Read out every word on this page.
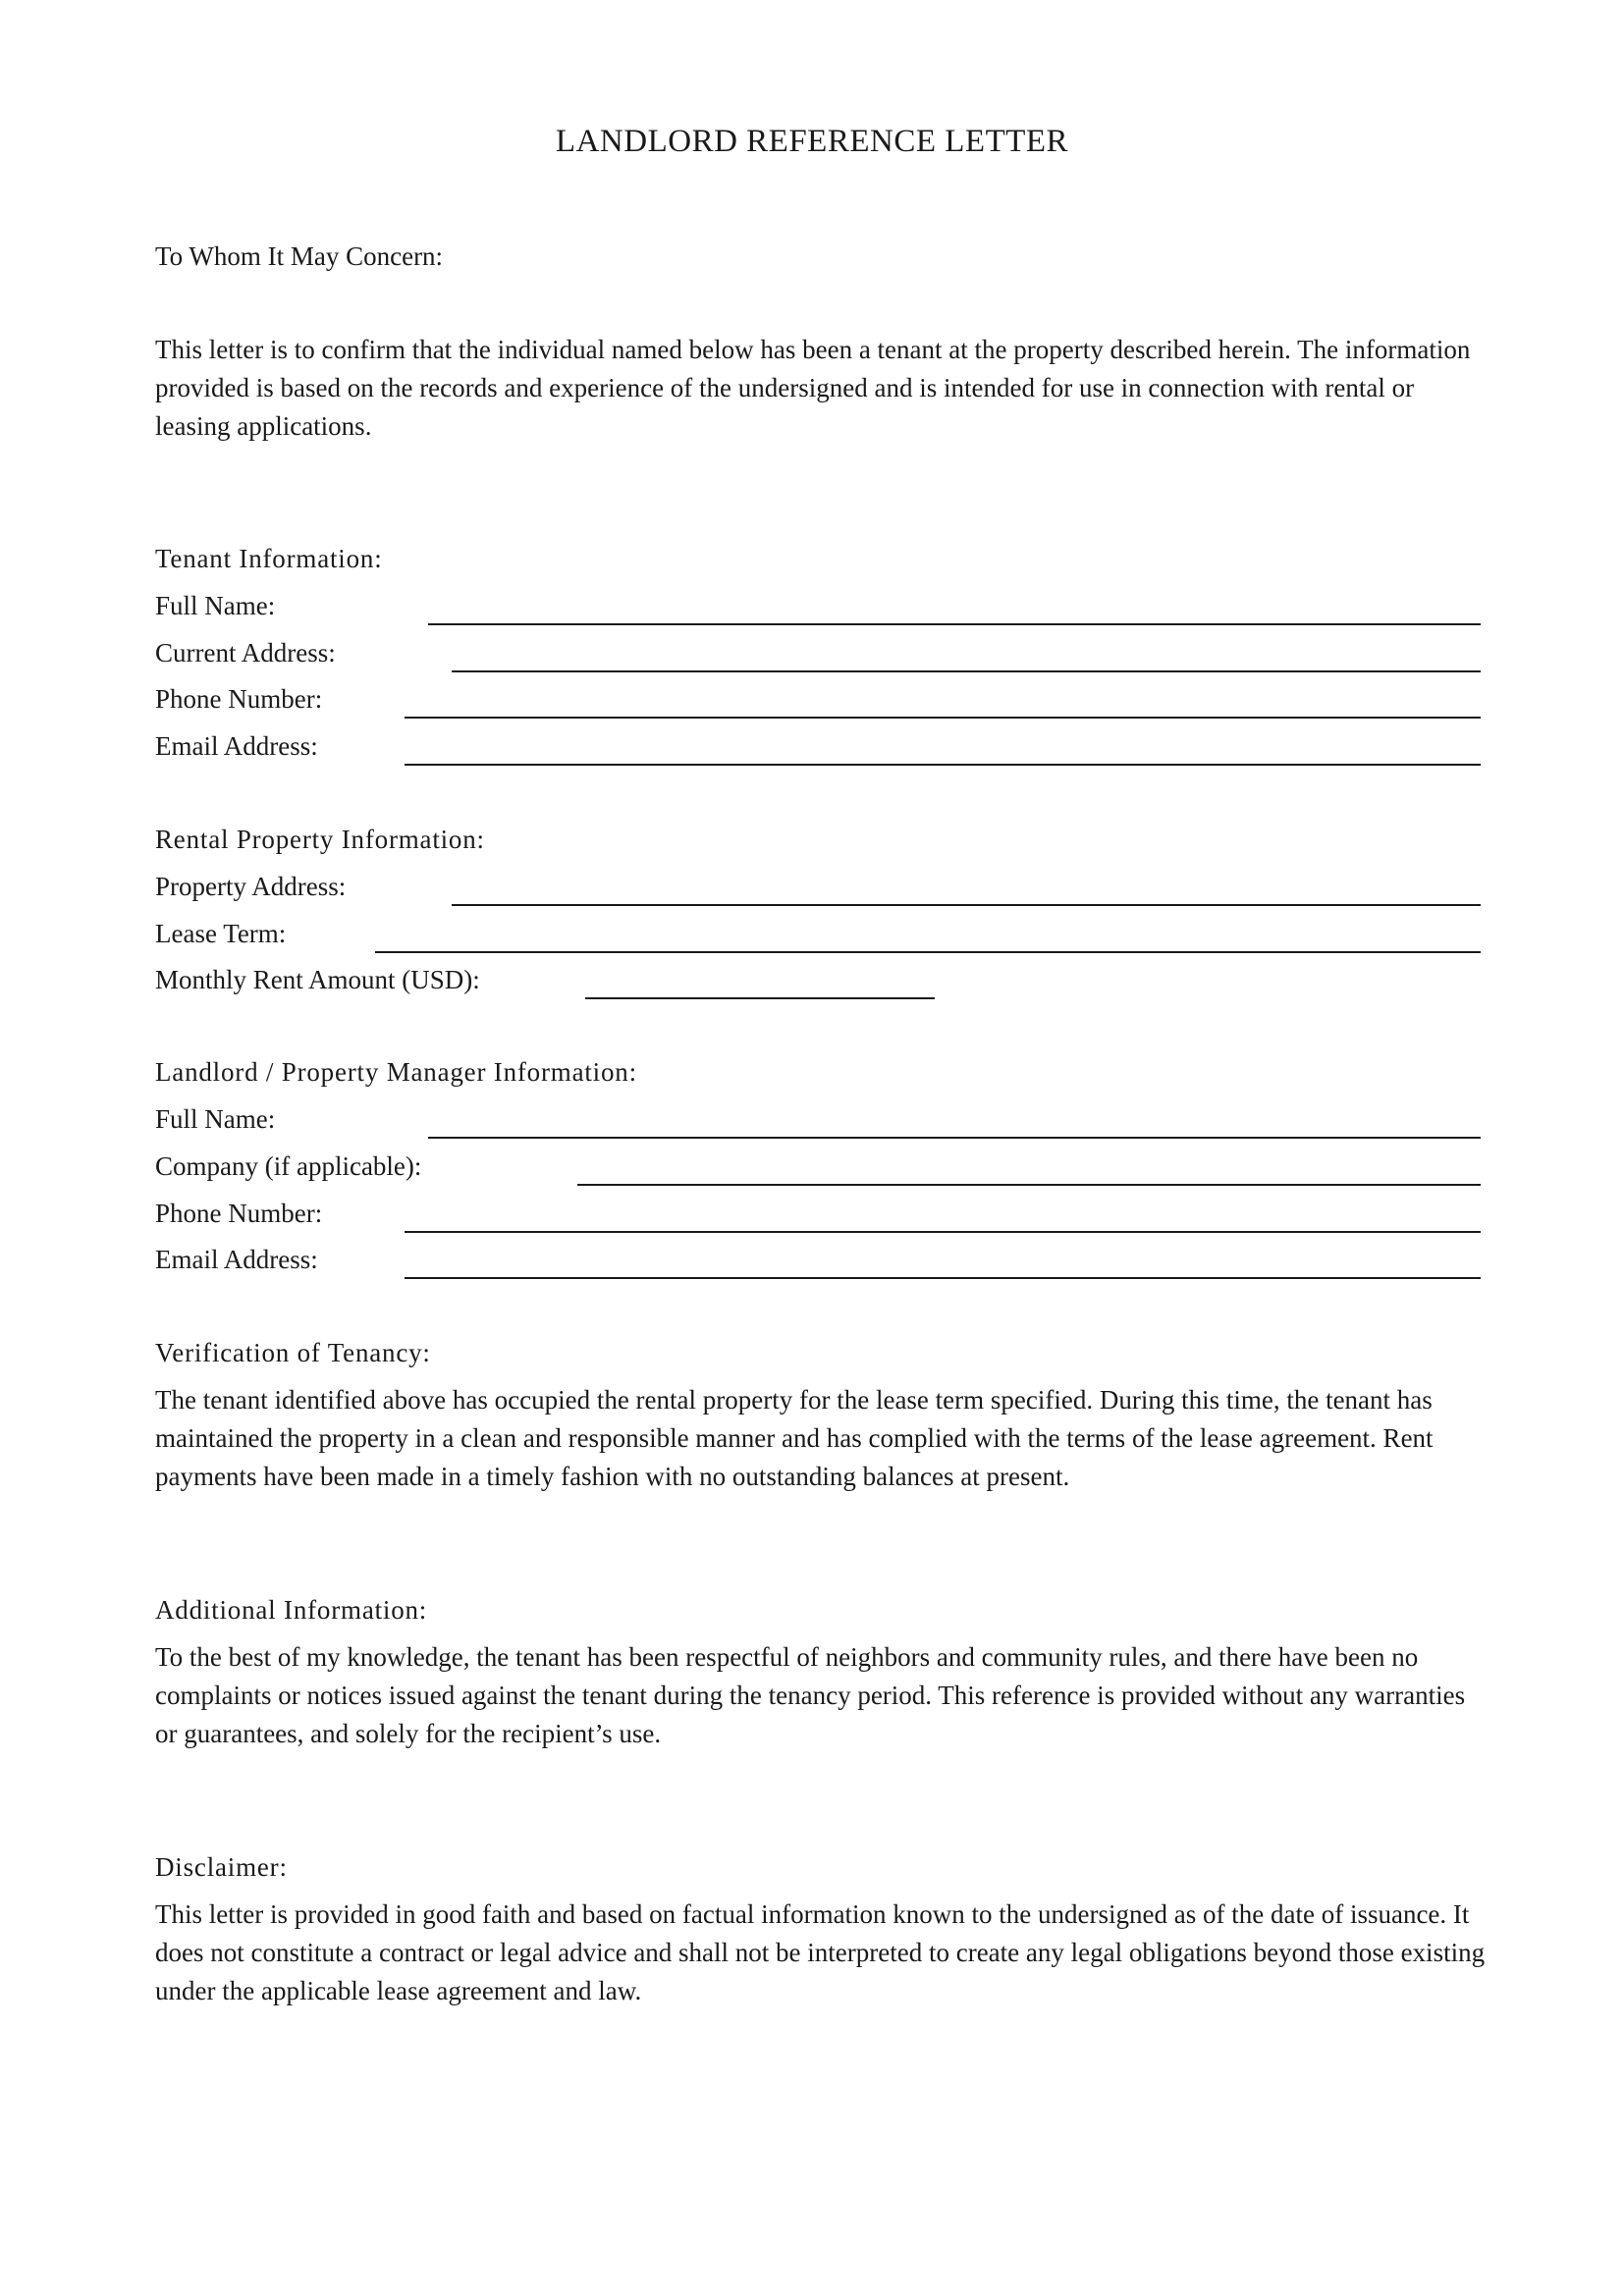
LANDLORD REFERENCE LETTER
To Whom It May Concern:
This letter is to confirm that the individual named below has been a tenant at the property described herein. The information provided is based on the records and experience of the undersigned and is intended for use in connection with rental or leasing applications.
Tenant Information:
Full Name:
Current Address:
Phone Number:
Email Address:
Rental Property Information:
Property Address:
Lease Term:
Monthly Rent Amount (USD):
Landlord / Property Manager Information:
Full Name:
Company (if applicable):
Phone Number:
Email Address:
Verification of Tenancy:
The tenant identified above has occupied the rental property for the lease term specified. During this time, the tenant has maintained the property in a clean and responsible manner and has complied with the terms of the lease agreement. Rent payments have been made in a timely fashion with no outstanding balances at present.
Additional Information:
To the best of my knowledge, the tenant has been respectful of neighbors and community rules, and there have been no complaints or notices issued against the tenant during the tenancy period. This reference is provided without any warranties or guarantees, and solely for the recipient’s use.
Disclaimer:
This letter is provided in good faith and based on factual information known to the undersigned as of the date of issuance. It does not constitute a contract or legal advice and shall not be interpreted to create any legal obligations beyond those existing under the applicable lease agreement and law.
